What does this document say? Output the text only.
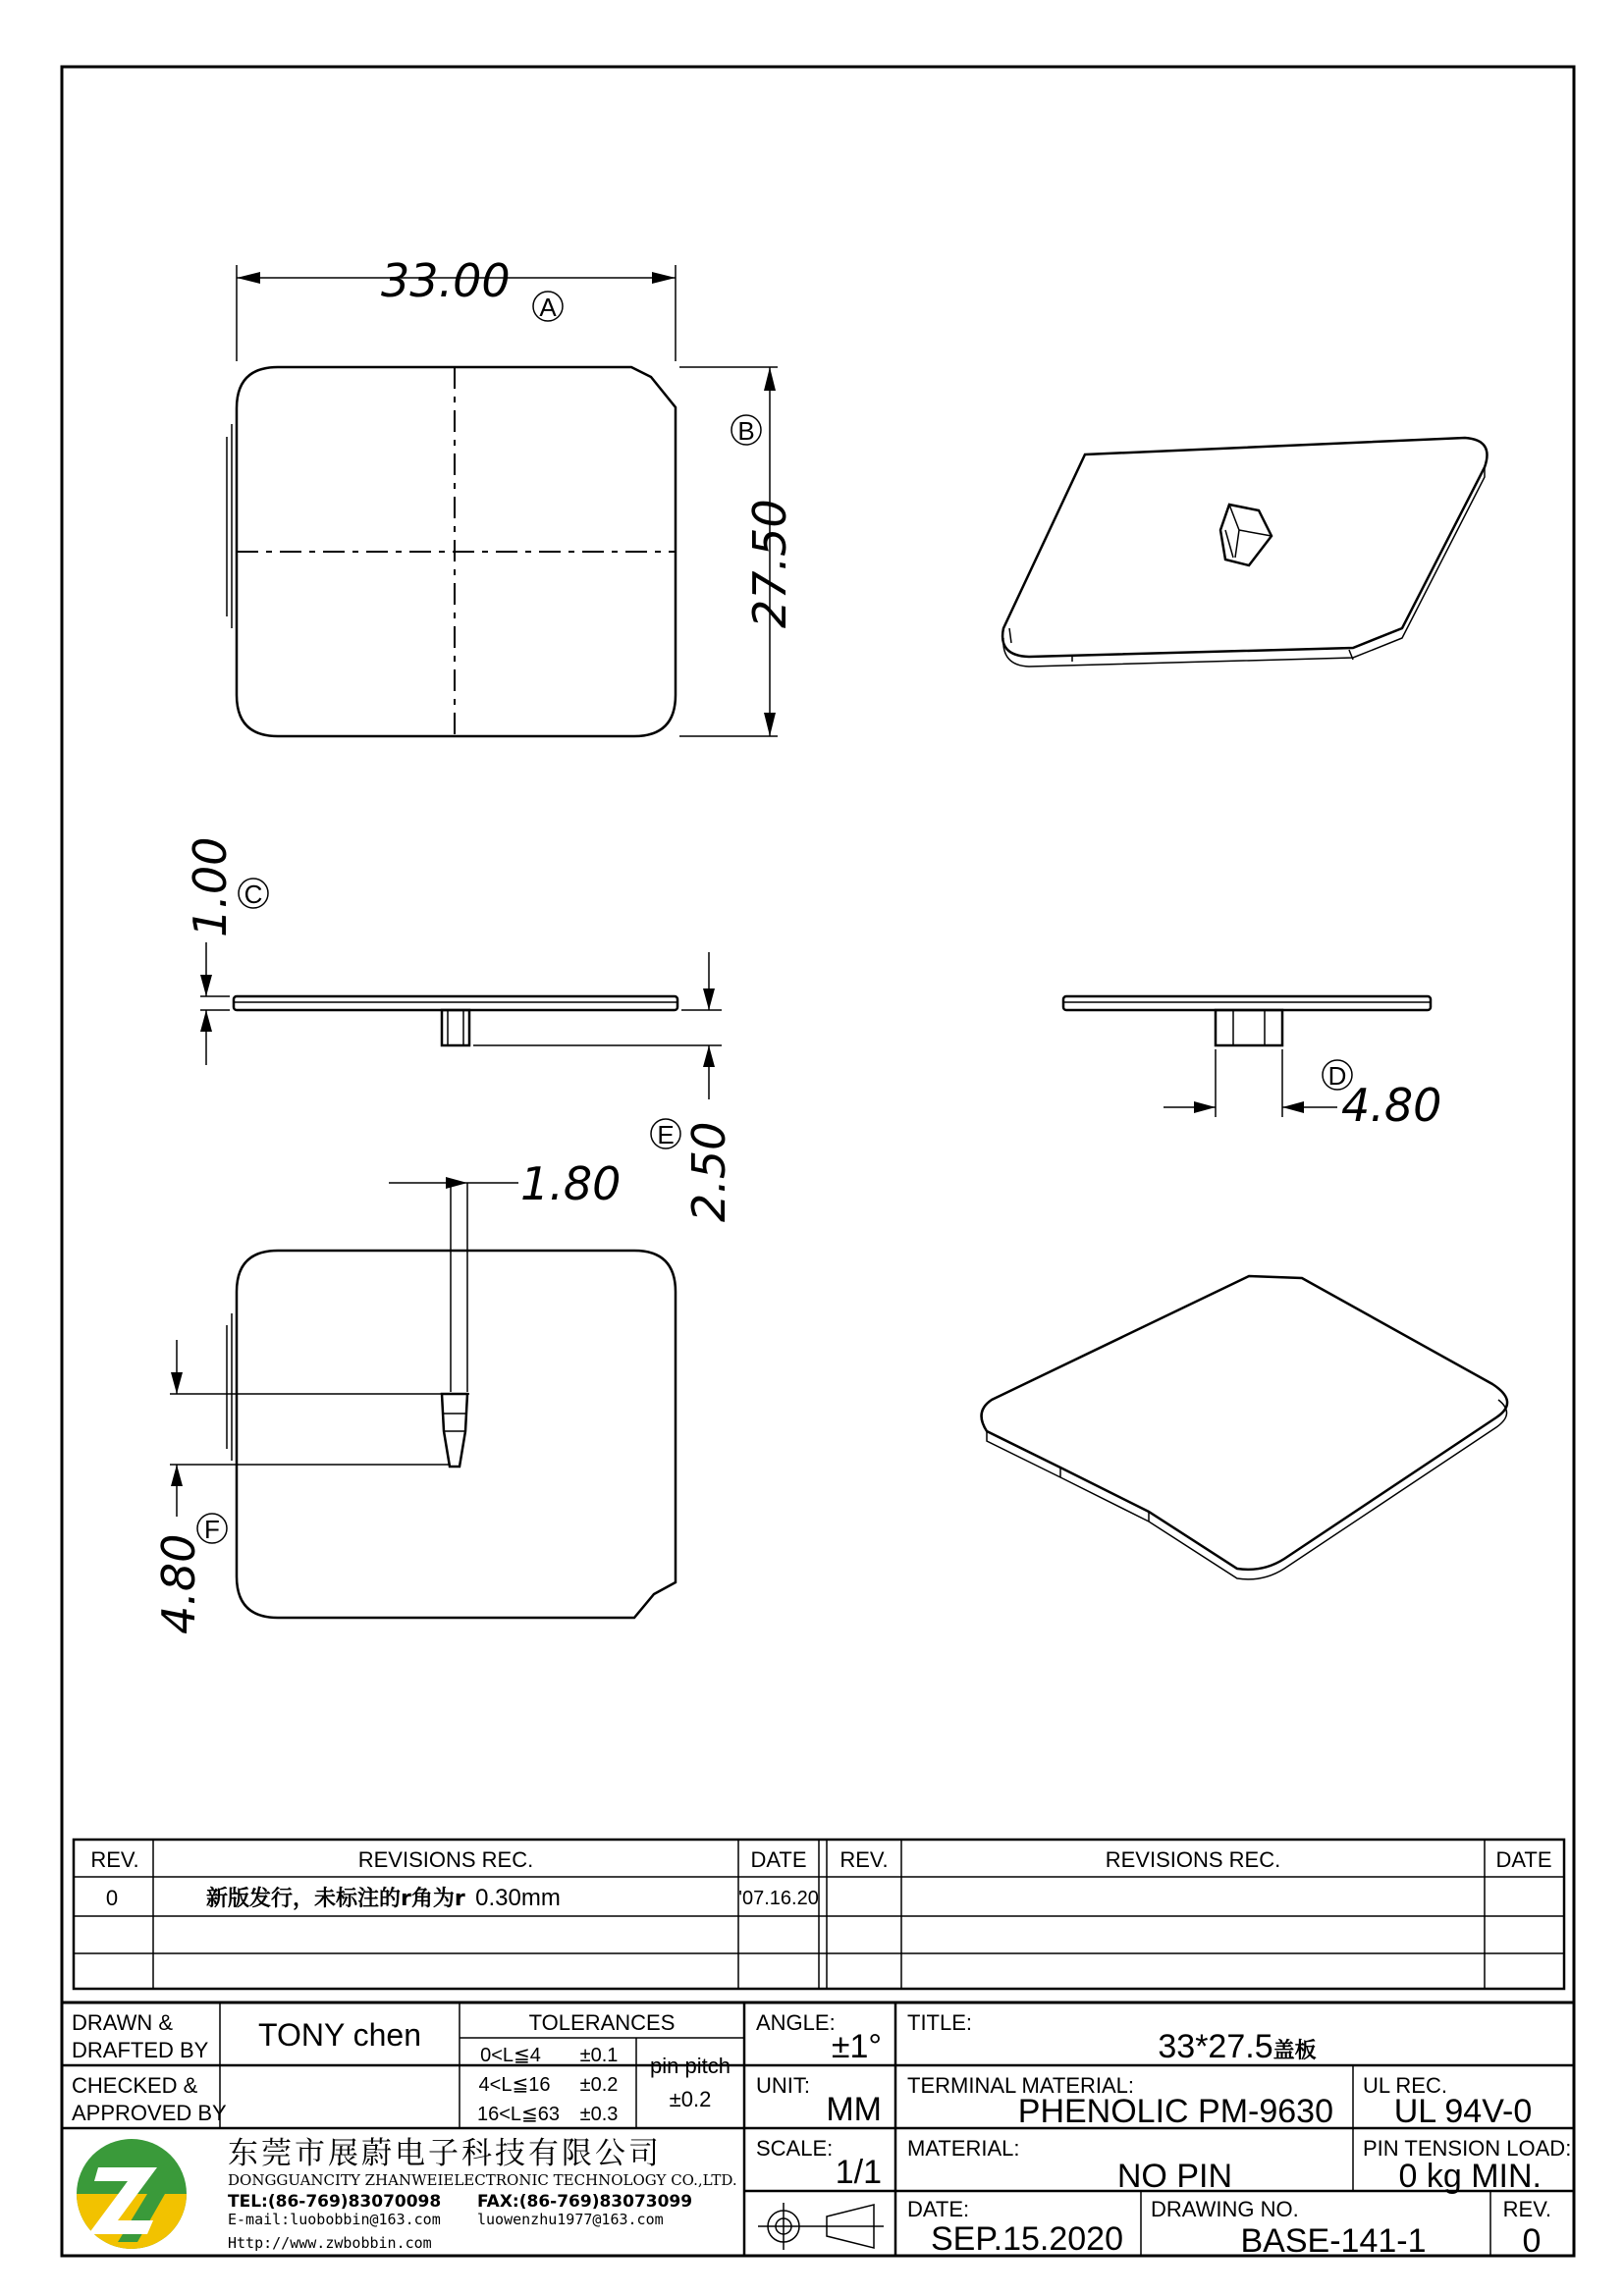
33.00 A
27.50
B
1.00 C
2.50
E
D
4.80
1.80
4.80
F
REV.	REVISIONS REC.	DATE REV.	REVISIONS REC.	DATE
0	新版发行，未标注的r角为r 0.30mm	'07.16.20
DRAWN &
DRAFTED BY TONY chen
CHECKED &
APPROVED BY
TOLERANCES
0<L≦4 ±0.1
4<L≦16 ±0.2
16<L≦63 ±0.3
pin pitch
±0.2
ANGLE:
±1°
UNIT:
MM
SCALE:
1/1
TITLE:
33*27.5盖板
TERMINAL MATERIAL:
PHENOLIC PM-9630
UL REC.
UL 94V-0
MATERIAL:
NO PIN
PIN TENSION LOAD:
0 kg MIN.
DATE:
SEP.15.2020
DRAWING NO.
BASE-141-1
REV.
0
东莞市展蔚电子科技有限公司
DONGGUANCITY ZHANWEIELECTRONIC TECHNOLOGY CO.,LTD.
TEL:(86-769)83070098 FAX:(86-769)83073099
E-mail:luobobbin@163.com luowenzhu1977@163.com
Http://www.zwbobbin.com
